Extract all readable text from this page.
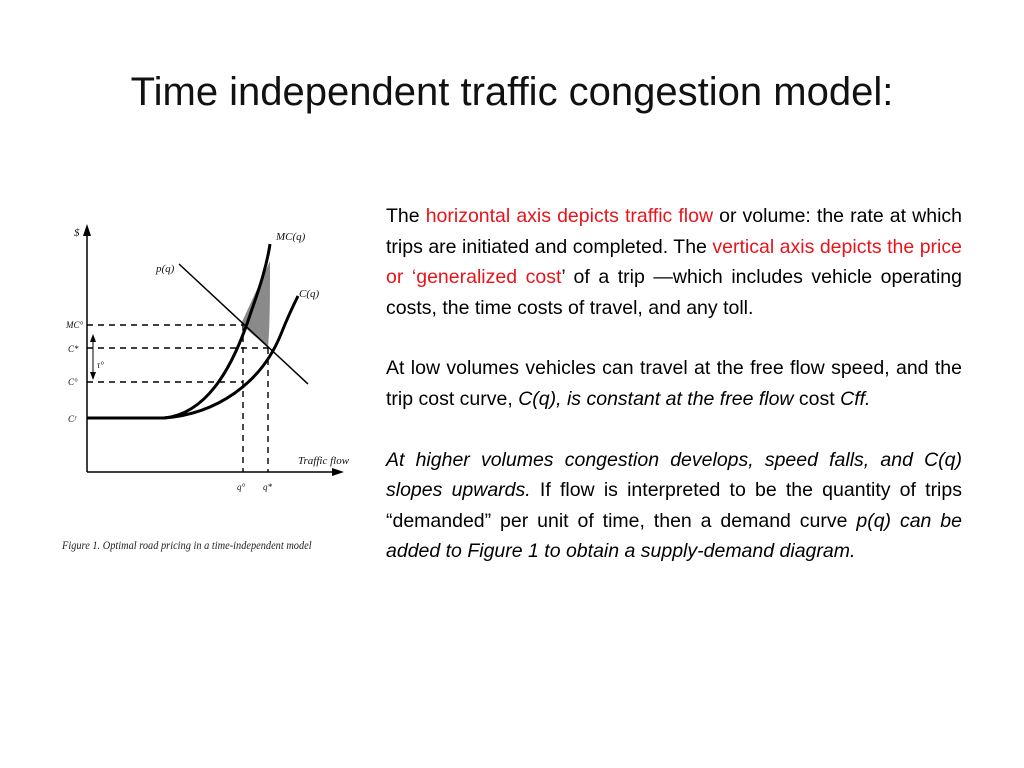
Time independent traffic congestion model:
$
Traffic flow
MC(q)
p(q)
C(q)
MC°
C*
C°
Cᶠ
τ°
q° q*
Figure 1. Optimal road pricing in a time-independent model

The horizontal axis depicts traffic flow or volume: the rate at which trips are initiated and completed. The vertical axis depicts the price or ‘generalized cost’ of a trip —which includes vehicle operating costs, the time costs of travel, and any toll.

At low volumes vehicles can travel at the free flow speed, and the trip cost curve, C(q), is constant at the free flow cost Cff.

At higher volumes congestion develops, speed falls, and C(q) slopes upwards. If flow is interpreted to be the quantity of trips “demanded” per unit of time, then a demand curve p(q) can be added to Figure 1 to obtain a supply-demand diagram.
